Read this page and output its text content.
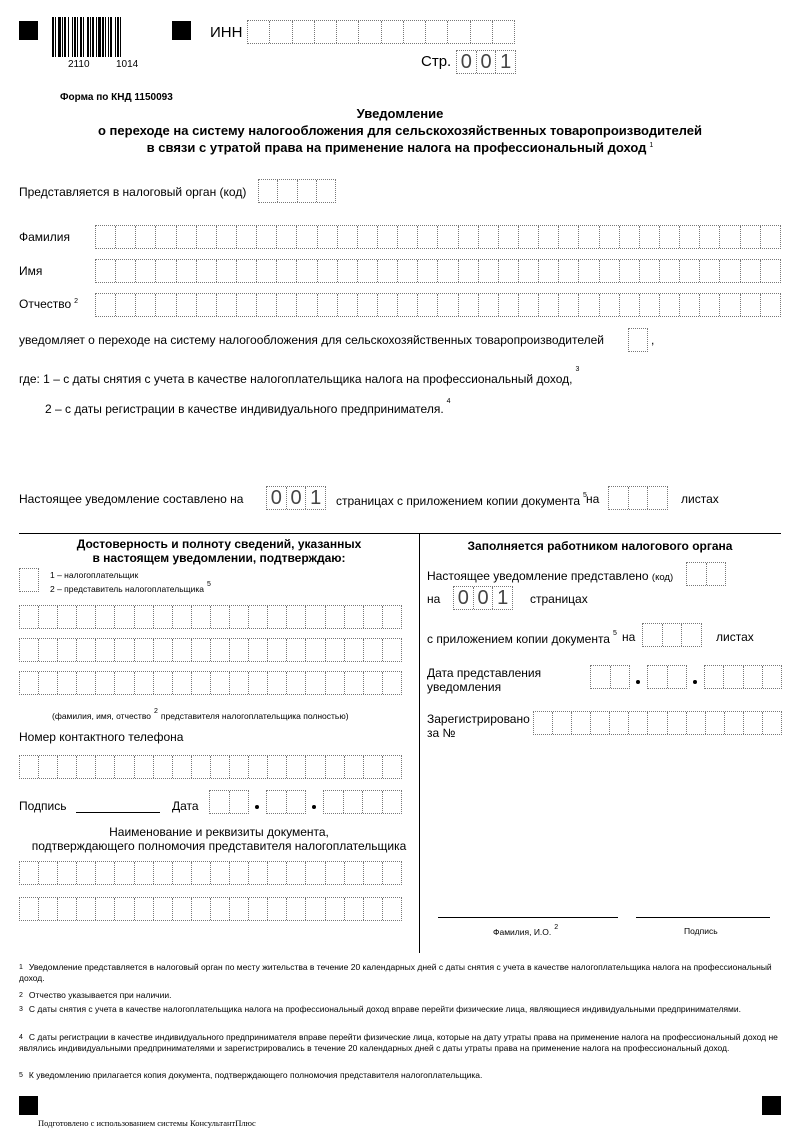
2110	1014
ИНН
Стр. 0 0 1
Форма по КНД 1150093
Уведомление
о переходе на систему налогообложения для сельскохозяйственных товаропроизводителей
в связи с утратой права на применение налога на профессиональный доход $^1$
Представляется в налоговый орган (код)
Фамилия
Имя
Отчество $^2$
уведомляет о переходе на систему налогообложения для сельскохозяйственных товаропроизводителей	,
где: 1 – с даты снятия с учета в качестве налогоплательщика налога на профессиональный доход,$^3$
2 – с даты регистрации в качестве индивидуального предпринимателя.$^4$
Настоящее уведомление составлено на 0 0 1	страницах с приложением копии документа $^5$ на	листах
Достоверность и полноту сведений, указанных
в настоящем уведомлении, подтверждаю:
1 – налогоплательщик
2 – представитель налогоплательщика $^5$
(фамилия, имя, отчество $^2$ представителя налогоплательщика полностью)
Номер контактного телефона
Подпись	Дата
Наименование и реквизиты документа,
подтверждающего полномочия представителя налогоплательщика
Заполняется работником налогового органа
Настоящее уведомление представлено (код)
на 0 0 1	страницах
с приложением копии документа $^5$ на	листах
Дата представления
уведомления
Зарегистрировано
за №
Фамилия, И.О. $^2$	Подпись
$^1$ Уведомление представляется в налоговый орган по месту жительства в течение 20 календарных дней с даты снятия с учета в качестве налогоплательщика налога на профессиональный доход.
$^2$ Отчество указывается при наличии.
$^3$ С даты снятия с учета в качестве налогоплательщика налога на профессиональный доход вправе перейти физические лица, являющиеся индивидуальными предпринимателями.
$^4$ С даты регистрации в качестве индивидуального предпринимателя вправе перейти физические лица, которые на дату утраты права на применение налога на профессиональный доход не являлись индивидуальными предпринимателями и зарегистрировались в течение 20 календарных дней с даты утраты права на применение налога на профессиональный доход.
$^5$ К уведомлению прилагается копия документа, подтверждающего полномочия представителя налогоплательщика.
Подготовлено с использованием системы КонсультантПлюс
